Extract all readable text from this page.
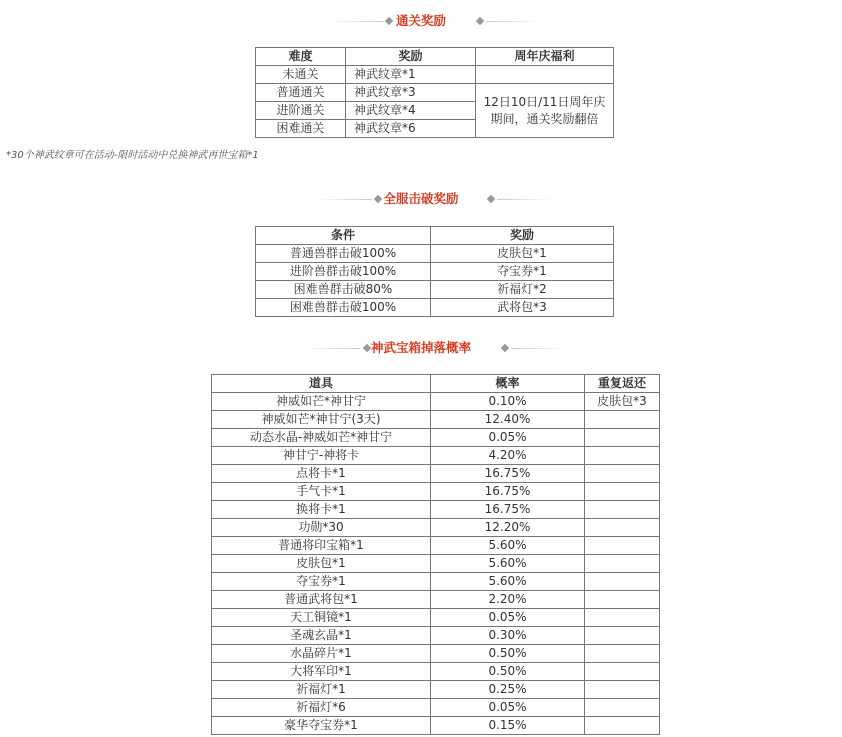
通关奖励
难度	奖励	周年庆福利
未通关	神武纹章*1	
普通通关	神武纹章*3	12日10日/11日周年庆
期间，通关奖励翻倍

进阶通关	神武纹章*4	
困难通关	神武纹章*6	
*30个神武纹章可在活动-限时活动中兑换神武再世宝箱*1
全服击破奖励
条件	奖励
普通兽群击破100%	皮肤包*1
进阶兽群击破100%	夺宝券*1
困难兽群击破80%	祈福灯*2
困难兽群击破100%	武将包*3
神武宝箱掉落概率
道具	概率	重复返还
神威如芒*神甘宁	0.10%	皮肤包*3
神威如芒*神甘宁(3天)	12.40%	
动态水晶-神威如芒*神甘宁	0.05%	
神甘宁-神将卡	4.20%	
点将卡*1	16.75%	
手气卡*1	16.75%	
换将卡*1	16.75%	
功勋*30	12.20%	
普通将印宝箱*1	5.60%	
皮肤包*1	5.60%	
夺宝券*1	5.60%	
普通武将包*1	2.20%	
天工铜镜*1	0.05%	
圣魂玄晶*1	0.30%	
水晶碎片*1	0.50%	
大将军印*1	0.50%	
祈福灯*1	0.25%	
祈福灯*6	0.05%	
豪华夺宝券*1	0.15%	
